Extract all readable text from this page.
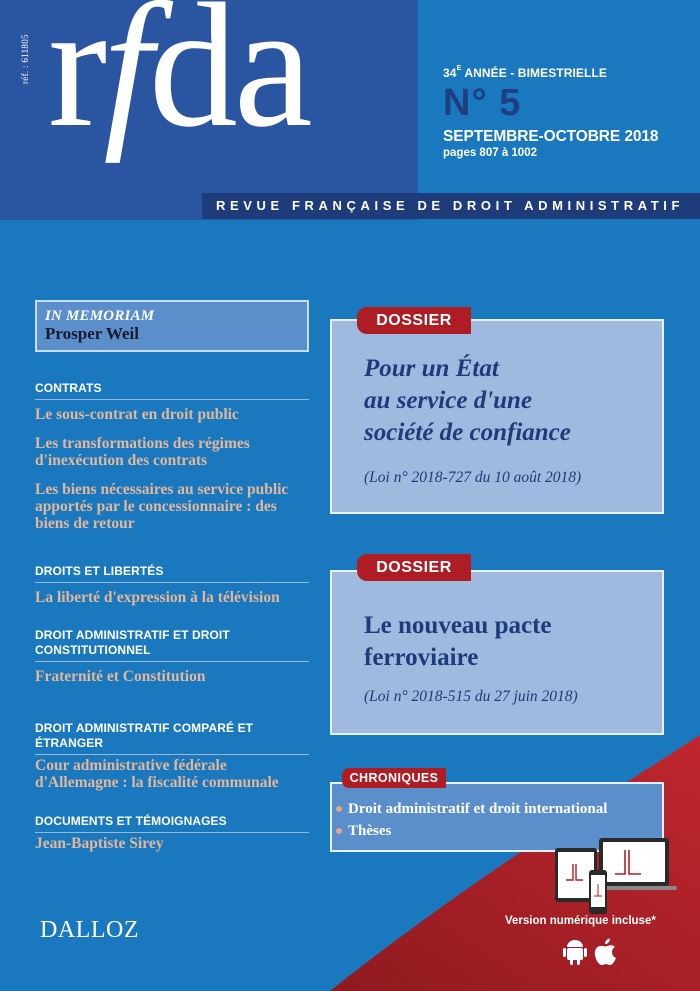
réf. : 611805 rfda	$34^E$ ANNÉE - BIMESTRIELLE
N° 5
SEPTEMBRE-OCTOBRE 2018
pages 807 à 1002
REVUE FRANÇAISE DE DROIT ADMINISTRATIF
IN MEMORIAM
Prosper Weil
CONTRATS
Le sous-contrat en droit public
Les transformations des régimes d'inexécution des contrats
Les biens nécessaires au service public apportés par le concessionnaire : des biens de retour
DROITS ET LIBERTÉS
La liberté d'expression à la télévision
DROIT ADMINISTRATIF ET DROIT CONSTITUTIONNEL
Fraternité et Constitution
DROIT ADMINISTRATIF COMPARÉ ET ÉTRANGER
Cour administrative fédérale d'Allemagne : la fiscalité communale
DOCUMENTS ET TÉMOIGNAGES
Jean-Baptiste Sirey
Pour un État
au service d'une
société de confiance
(Loi n° 2018-727 du 10 août 2018)
DOSSIER
Le nouveau pacte
ferroviaire
(Loi n° 2018-515 du 27 juin 2018)
DOSSIER
CHRONIQUES
Droit administratif et droit international
Thèses
Version numérique incluse*
DALLOZ
